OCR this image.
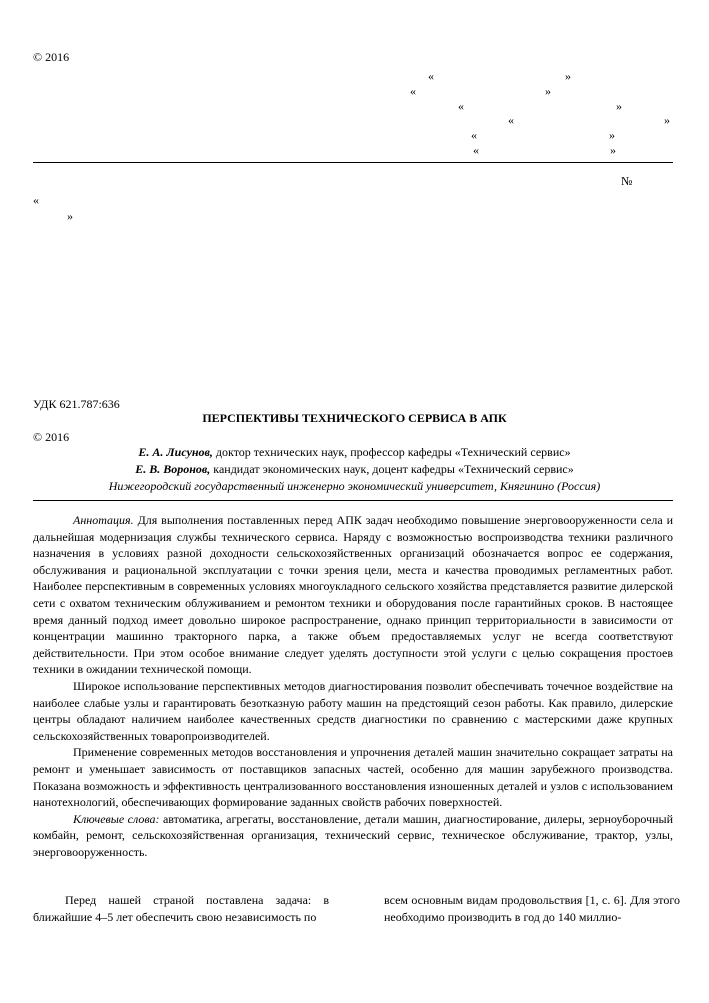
© 2016
«	»
«	»
«	»
«	»
«	»
«	»
№
«
»
УДК 621.787:636
ПЕРСПЕКТИВЫ ТЕХНИЧЕСКОГО СЕРВИСА В АПК
© 2016
Е. А. Лисунов, доктор технических наук, профессор кафедры «Технический сервис»
Е. В. Воронов, кандидат экономических наук, доцент кафедры «Технический сервис»
Нижегородский государственный инженерно экономический университет, Княгинино (Россия)

Аннотация. Для выполнения поставленных перед АПК задач необходимо повышение энерговооруженности села и дальнейшая модернизация службы технического сервиса. Наряду с возможностью воспроизводства техники различного назначения в условиях разной доходности сельскохозяйственных организаций обозначается вопрос ее содержания, обслуживания и рациональной эксплуатации с точки зрения цели, места и качества проводимых регламентных работ. Наиболее перспективным в современных условиях многоукладного сельского хозяйства представляется развитие дилерской сети с охватом техническим облуживанием и ремонтом техники и оборудования после гарантийных сроков. В настоящее время данный подход имеет довольно широкое распространение, однако принцип территориальности в зависимости от концентрации машинно тракторного парка, а также объем предоставляемых услуг не всегда соответствуют действительности. При этом особое внимание следует уделять доступности этой услуги с целью сокращения простоев техники в ожидании технической помощи.

Широкое использование перспективных методов диагностирования позволит обеспечивать точечное воздействие на наиболее слабые узлы и гарантировать безотказную работу машин на предстоящий сезон работы. Как правило, дилерские центры обладают наличием наиболее качественных средств диагностики по сравнению с мастерскими даже крупных сельскохозяйственных товаропроизводителей.

Применение современных методов восстановления и упрочнения деталей машин значительно сокращает затраты на ремонт и уменьшает зависимость от поставщиков запасных частей, особенно для машин зарубежного производства. Показана возможность и эффективность централизованного восстановления изношенных деталей и узлов с использованием нанотехнологий, обеспечивающих формирование заданных свойств рабочих поверхностей.

Ключевые слова: автоматика, агрегаты, восстановление, детали машин, диагностирование, дилеры, зерноуборочный комбайн, ремонт, сельскохозяйственная организация, технический сервис, техническое обслуживание, трактор, узлы, энерговооруженность.

Перед нашей страной поставлена задача: в ближайшие 4–5 лет обеспечить свою независимость по

всем основным видам продовольствия [1, с. 6]. Для этого необходимо производить в год до 140 миллио-
